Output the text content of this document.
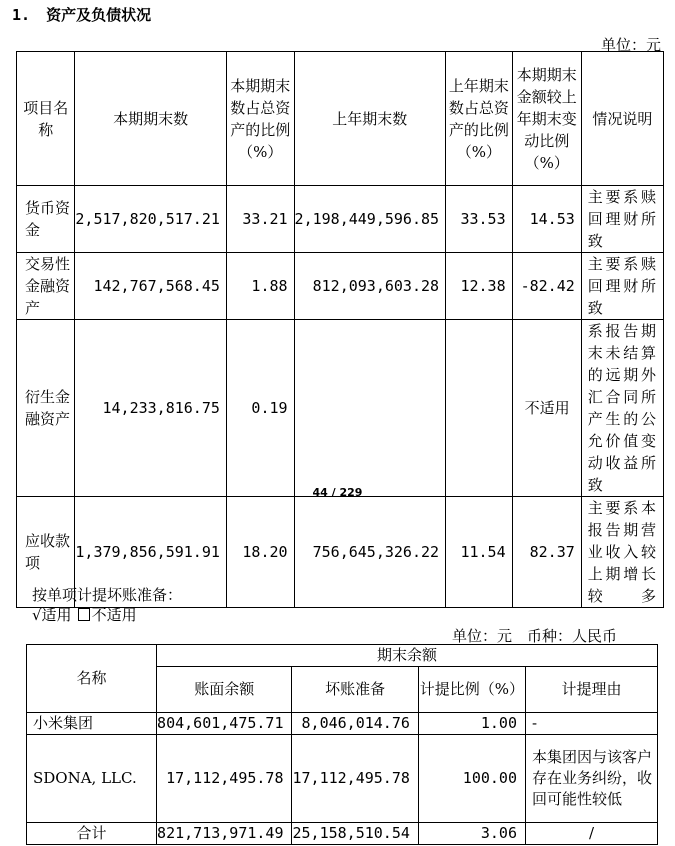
1. 资产及负债状况
单位：元
项目名称	本期期末数	本期期末数占总资产的比例（%）	上年期末数	上年期末数占总资产的比例（%）	本期期末金额较上年期末变动比例（%）	情况说明
货币资金	2,517,820,517.21	33.21	2,198,449,596.85	33.53	14.53	主要系赎回理财所致
交易性金融资产	142,767,568.45	1.88	812,093,603.28	12.38	-82.42	主要系赎回理财所致
衍生金融资产	14,233,816.75	0.19			不适用	系报告期末未结算的远期外汇合同所产生的公允价值变动收益所致
应收款项	1,379,856,591.91	18.20	756,645,326.22	11.54	82.37	主要系本报告期营业收入较上期增长较多
44 / 229
按单项计提坏账准备：
√适用 不适用
单位：元　币种：人民币
名称	期末余额			
	账面余额	坏账准备	计提比例（%）	计提理由
小米集团	804,601,475.71	8,046,014.76	1.00	-
SDONA, LLC.	17,112,495.78	17,112,495.78	100.00	本集团因与该客户存在业务纠纷，收回可能性较低
合计	821,713,971.49	25,158,510.54	3.06	/
